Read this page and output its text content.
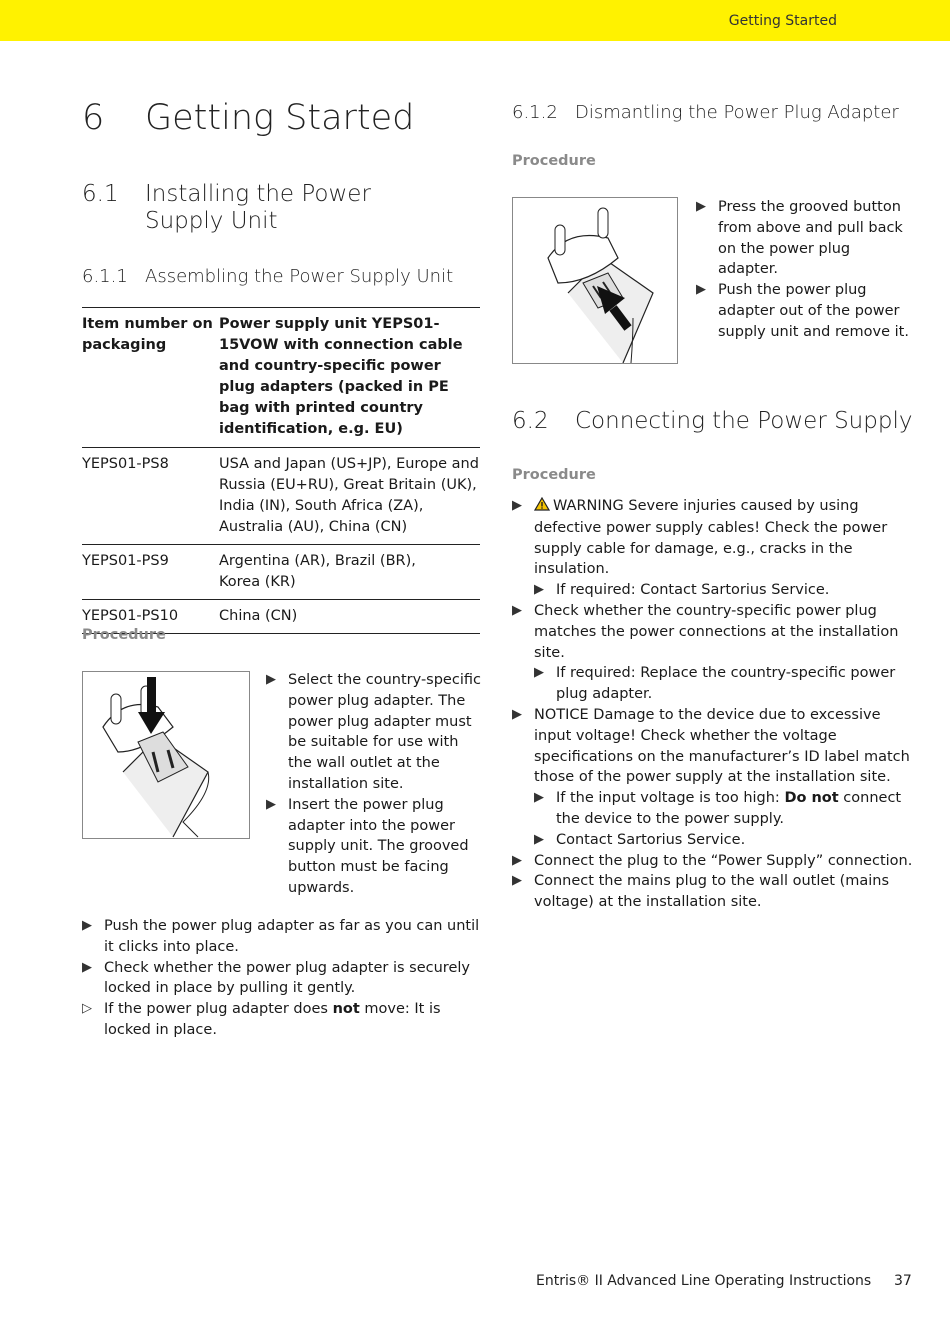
Getting Started
6 Getting Started
6.1 Installing the Power Supply Unit
6.1.1 Assembling the Power Supply Unit
Item number on packaging	Power supply unit YEPS01-15VOW with connection cable and country-specific power plug adapters (packed in PE bag with printed country identification, e.g. EU)
YEPS01-PS8	USA and Japan (US+JP), Europe and Russia (EU+RU), Great Britain (UK), India (IN), South Africa (ZA), Australia (AU), China (CN)
YEPS01-PS9	Argentina (AR), Brazil (BR), Korea (KR)
YEPS01-PS10	China (CN)
Procedure
▶ Select the country-specific power plug adapter. The power plug adapter must be suitable for use with the wall outlet at the installation site.
▶ Insert the power plug adapter into the power supply unit. The grooved button must be facing upwards.
▶ Push the power plug adapter as far as you can until it clicks into place.
▶ Check whether the power plug adapter is securely locked in place by pulling it gently.
▷ If the power plug adapter does not move: It is locked in place.
6.1.2 Dismantling the Power Plug Adapter
Procedure
▶ Press the grooved button from above and pull back on the power plug adapter.
▶ Push the power plug adapter out of the power supply unit and remove it.
6.2 Connecting the Power Supply
Procedure
▶ WARNING Severe injuries caused by using defective power supply cables! Check the power supply cable for damage, e.g., cracks in the insulation.
▶ If required: Contact Sartorius Service.
▶ Check whether the country-specific power plug matches the power connections at the installation site.
▶ If required: Replace the country-specific power plug adapter.
▶ NOTICE Damage to the device due to excessive input voltage! Check whether the voltage specifications on the manufacturer’s ID label match those of the power supply at the installation site.
▶ If the input voltage is too high: Do not connect the device to the power supply.
▶ Contact Sartorius Service.
▶ Connect the plug to the “Power Supply” connection.
▶ Connect the mains plug to the wall outlet (mains voltage) at the installation site.
Entris® II Advanced Line Operating Instructions 37
